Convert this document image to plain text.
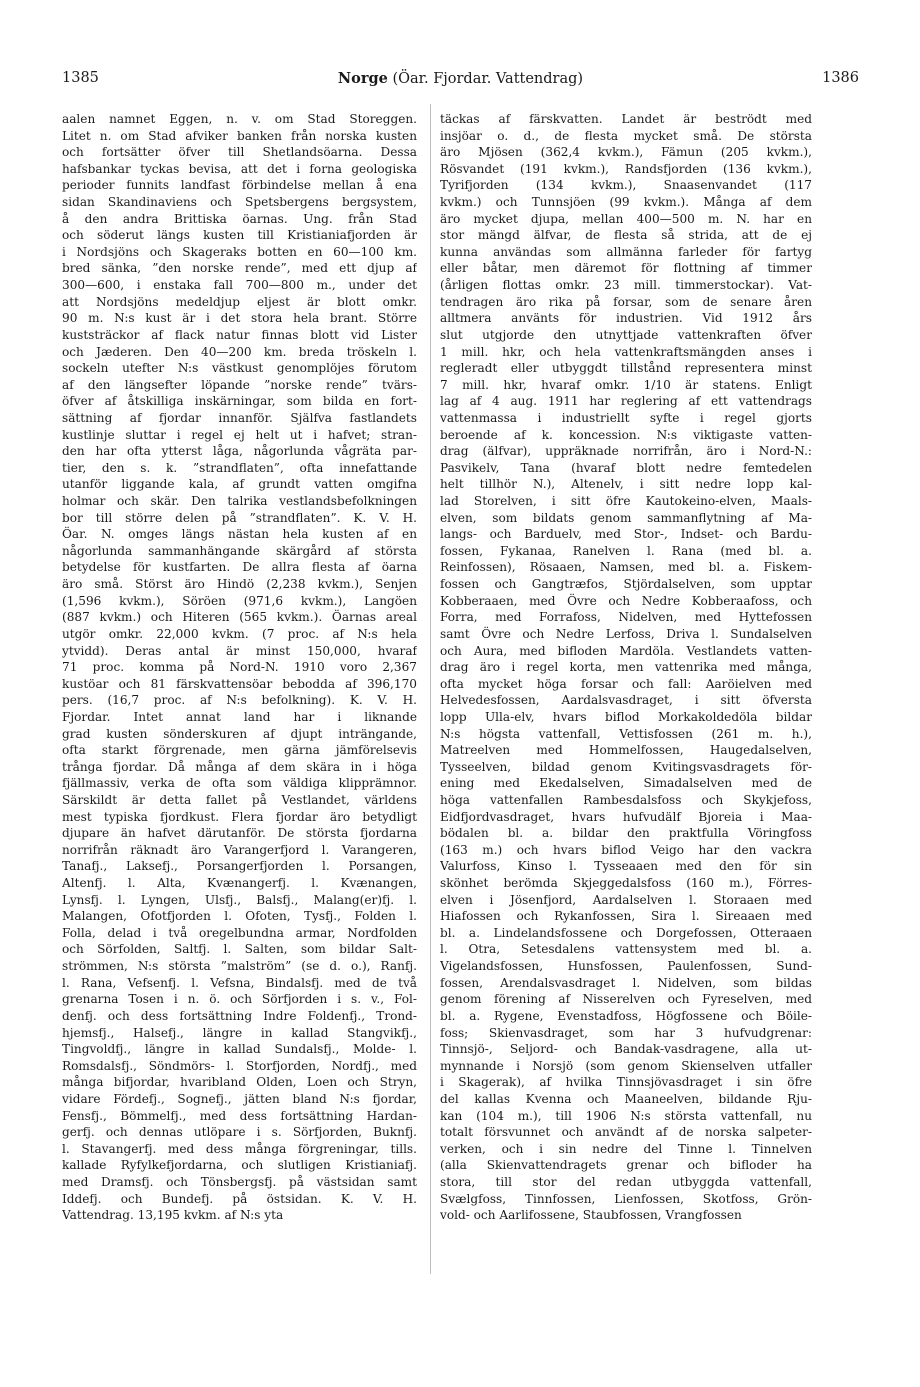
1385	Norge (Öar. Fjordar. Vattendrag)	1386
aalen namnet Eggen, n. v. om Stad Storeggen.
Litet n. om Stad afviker banken från norska kusten
och fortsätter öfver till Shetlandsöarna. Dessa
hafsbankar tyckas bevisa, att det i forna geologiska
perioder funnits landfast förbindelse mellan å ena
sidan Skandinaviens och Spetsbergens bergsystem,
å den andra Brittiska öarnas. Ung. från Stad
och söderut längs kusten till Kristianiafjorden är
i Nordsjöns och Skageraks botten en 60—100 km.
bred sänka, ”den norske rende”, med ett djup af
300—600, i enstaka fall 700—800 m., under det
att Nordsjöns medeldjup eljest är blott omkr.
90 m. N:s kust är i det stora hela brant. Större
kuststräckor af flack natur finnas blott vid Lister
och Jæderen. Den 40—200 km. breda tröskeln l.
sockeln utefter N:s västkust genomplöjes förutom
af den längsefter löpande ”norske rende” tvärs-
öfver af åtskilliga inskärningar, som bilda en fort-
sättning af fjordar innanför. Själfva fastlandets
kustlinje sluttar i regel ej helt ut i hafvet; stran-
den har ofta ytterst låga, någorlunda vågräta par-
tier, den s. k. ”strandflaten”, ofta innefattande
utanför liggande kala, af grundt vatten omgifna
holmar och skär. Den talrika vestlandsbefolkningen
bor till större delen på ”strandflaten”. K. V. H.
Öar. N. omges längs nästan hela kusten af en
någorlunda sammanhängande skärgård af största
betydelse för kustfarten. De allra flesta af öarna
äro små. Störst äro Hindö (2,238 kvkm.), Senjen
(1,596 kvkm.), Söröen (971,6 kvkm.), Langöen
(887 kvkm.) och Hiteren (565 kvkm.). Öarnas areal
utgör omkr. 22,000 kvkm. (7 proc. af N:s hela
ytvidd). Deras antal är minst 150,000, hvaraf
71 proc. komma på Nord-N. 1910 voro 2,367
kustöar och 81 färskvattensöar bebodda af 396,170
pers. (16,7 proc. af N:s befolkning). K. V. H.
Fjordar. Intet annat land har i liknande
grad kusten sönderskuren af djupt inträngande,
ofta starkt förgrenade, men gärna jämförelsevis
trånga fjordar. Då många af dem skära in i höga
fjällmassiv, verka de ofta som väldiga klipprämnor.
Särskildt är detta fallet på Vestlandet, världens
mest typiska fjordkust. Flera fjordar äro betydligt
djupare än hafvet därutanför. De största fjordarna
norrifrån räknadt äro Varangerfjord l. Varangeren,
Tanafj., Laksefj., Porsangerfjorden l. Porsangen,
Altenfj. l. Alta, Kvænangerfj. l. Kvænangen,
Lynsfj. l. Lyngen, Ulsfj., Balsfj., Malang(er)fj. l.
Malangen, Ofotfjorden l. Ofoten, Tysfj., Folden l.
Folla, delad i två oregelbundna armar, Nordfolden
och Sörfolden, Saltfj. l. Salten, som bildar Salt-
strömmen, N:s största ”malström” (se d. o.), Ranfj.
l. Rana, Vefsenfj. l. Vefsna, Bindalsfj. med de två
grenarna Tosen i n. ö. och Sörfjorden i s. v., Fol-
denfj. och dess fortsättning Indre Foldenfj., Trond-
hjemsfj., Halsefj., längre in kallad Stangvikfj.,
Tingvoldfj., längre in kallad Sundalsfj., Molde- l.
Romsdalsfj., Söndmörs- l. Storfjorden, Nordfj., med
många bifjordar, hvaribland Olden, Loen och Stryn,
vidare Fördefj., Sognefj., jätten bland N:s fjordar,
Fensfj., Bömmelfj., med dess fortsättning Hardan-
gerfj. och dennas utlöpare i s. Sörfjorden, Buknfj.
l. Stavangerfj. med dess många förgreningar, tills.
kallade Ryfylkefjordarna, och slutligen Kristianiafj.
med Dramsfj. och Tönsbergsfj. på västsidan samt
Iddefj. och Bundefj. på östsidan. K. V. H.
Vattendrag. 13,195 kvkm. af N:s yta
täckas af färskvatten. Landet är beströdt med
insjöar o. d., de flesta mycket små. De största
äro Mjösen (362,4 kvkm.), Fämun (205 kvkm.),
Rösvandet (191 kvkm.), Randsfjorden (136 kvkm.),
Tyrifjorden (134 kvkm.), Snaasenvandet (117
kvkm.) och Tunnsjöen (99 kvkm.). Många af dem
äro mycket djupa, mellan 400—500 m. N. har en
stor mängd älfvar, de flesta så strida, att de ej
kunna användas som allmänna farleder för fartyg
eller båtar, men däremot för flottning af timmer
(årligen flottas omkr. 23 mill. timmerstockar). Vat-
tendragen äro rika på forsar, som de senare åren
alltmera använts för industrien. Vid 1912 års
slut utgjorde den utnyttjade vattenkraften öfver
1 mill. hkr, och hela vattenkraftsmängden anses i
regleradt eller utbyggdt tillstånd representera minst
7 mill. hkr, hvaraf omkr. 1/10 är statens. Enligt
lag af 4 aug. 1911 har reglering af ett vattendrags
vattenmassa i industriellt syfte i regel gjorts
beroende af k. koncession. N:s viktigaste vatten-
drag (älfvar), uppräknade norrifrån, äro i Nord-N.:
Pasvikelv, Tana (hvaraf blott nedre femtedelen
helt tillhör N.), Altenelv, i sitt nedre lopp kal-
lad Storelven, i sitt öfre Kautokeino-elven, Maals-
elven, som bildats genom sammanflytning af Ma-
langs- och Barduelv, med Stor-, Indset- och Bardu-
fossen, Fykanaa, Ranelven l. Rana (med bl. a.
Reinfossen), Rösaaen, Namsen, med bl. a. Fiskem-
fossen och Gangtræfos, Stjördalselven, som upptar
Kobberaaen, med Övre och Nedre Kobberaafoss, och
Forra, med Forrafoss, Nidelven, med Hyttefossen
samt Övre och Nedre Lerfoss, Driva l. Sundalselven
och Aura, med bifloden Mardöla. Vestlandets vatten-
drag äro i regel korta, men vattenrika med många,
ofta mycket höga forsar och fall: Aaröielven med
Helvedesfossen, Aardalsvasdraget, i sitt öfversta
lopp Ulla-elv, hvars biflod Morkakoldedöla bildar
N:s högsta vattenfall, Vettisfossen (261 m. h.),
Matreelven med Hommelfossen, Haugedalselven,
Tysseelven, bildad genom Kvitingsvasdragets för-
ening med Ekedalselven, Simadalselven med de
höga vattenfallen Rambesdalsfoss och Skykjefoss,
Eidfjordvasdraget, hvars hufvudälf Bjoreia i Maa-
bödalen bl. a. bildar den praktfulla Vöringfoss
(163 m.) och hvars biflod Veigo har den vackra
Valurfoss, Kinso l. Tysseaaen med den för sin
skönhet berömda Skjeggedalsfoss (160 m.), Förres-
elven i Jösenfjord, Aardalselven l. Storaaen med
Hiafossen och Rykanfossen, Sira l. Sireaaen med
bl. a. Lindelandsfossene och Dorgefossen, Otteraaen
l. Otra, Setesdalens vattensystem med bl. a.
Vigelandsfossen, Hunsfossen, Paulenfossen, Sund-
fossen, Arendalsvasdraget l. Nidelven, som bildas
genom förening af Nisserelven och Fyreselven, med
bl. a. Rygene, Evenstadfoss, Högfossene och Böile-
foss; Skienvasdraget, som har 3 hufvudgrenar:
Tinnsjö-, Seljord- och Bandak-vasdragene, alla ut-
mynnande i Norsjö (som genom Skienselven utfaller
i Skagerak), af hvilka Tinnsjövasdraget i sin öfre
del kallas Kvenna och Maaneelven, bildande Rju-
kan (104 m.), till 1906 N:s största vattenfall, nu
totalt försvunnet och användt af de norska salpeter-
verken, och i sin nedre del Tinne l. Tinnelven
(alla Skienvattendragets grenar och bifloder ha
stora, till stor del redan utbyggda vattenfall,
Svælgfoss, Tinnfossen, Lienfossen, Skotfoss, Grön-
vold- och Aarlifossene, Staubfossen, Vrangfossen
